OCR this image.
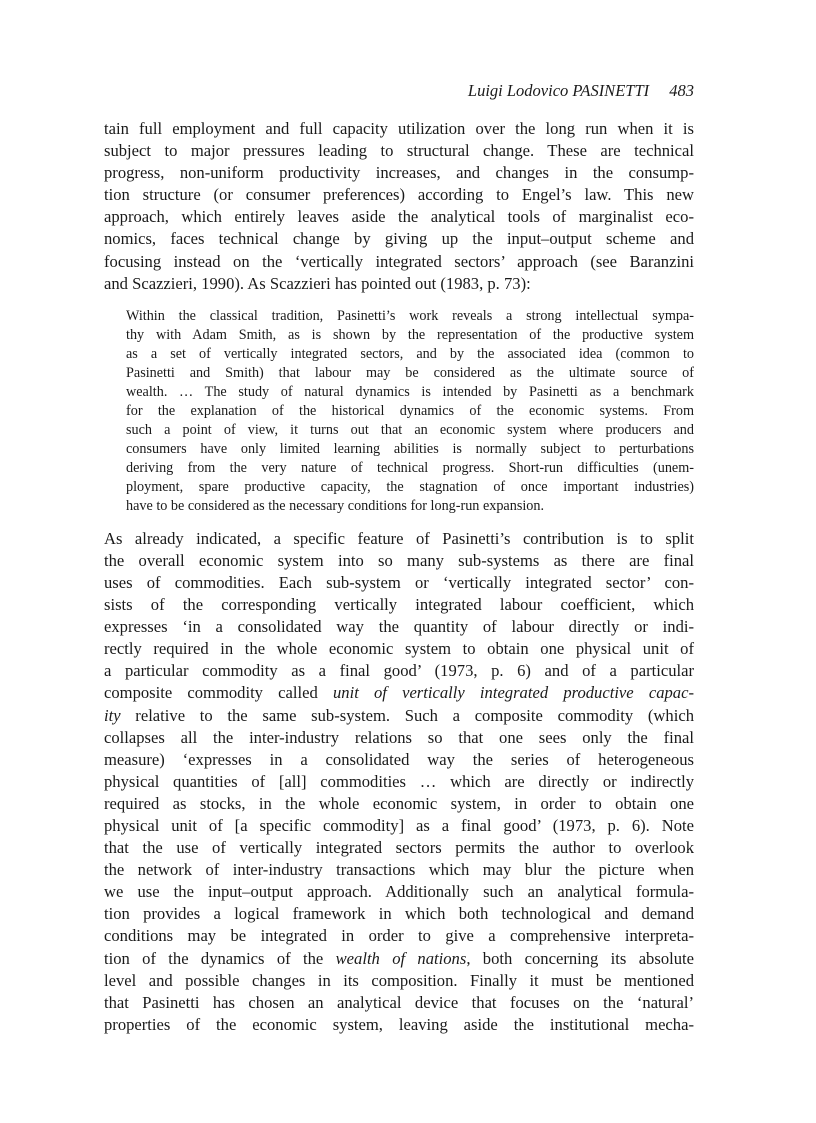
Luigi Lodovico PASINETTI 483

tain full employment and full capacity utilization over the long run when it is
subject to major pressures leading to structural change. These are technical
progress, non-uniform productivity increases, and changes in the consump-
tion structure (or consumer preferences) according to Engel’s law. This new
approach, which entirely leaves aside the analytical tools of marginalist eco-
nomics, faces technical change by giving up the input–output scheme and
focusing instead on the ‘vertically integrated sectors’ approach (see Baranzini
and Scazzieri, 1990). As Scazzieri has pointed out (1983, p. 73):

Within the classical tradition, Pasinetti’s work reveals a strong intellectual sympa-
thy with Adam Smith, as is shown by the representation of the productive system
as a set of vertically integrated sectors, and by the associated idea (common to
Pasinetti and Smith) that labour may be considered as the ultimate source of
wealth. … The study of natural dynamics is intended by Pasinetti as a benchmark
for the explanation of the historical dynamics of the economic systems. From
such a point of view, it turns out that an economic system where producers and
consumers have only limited learning abilities is normally subject to perturbations
deriving from the very nature of technical progress. Short-run difficulties (unem-
ployment, spare productive capacity, the stagnation of once important industries)
have to be considered as the necessary conditions for long-run expansion.

As already indicated, a specific feature of Pasinetti’s contribution is to split
the overall economic system into so many sub-systems as there are final
uses of commodities. Each sub-system or ‘vertically integrated sector’ con-
sists of the corresponding vertically integrated labour coefficient, which
expresses ‘in a consolidated way the quantity of labour directly or indi-
rectly required in the whole economic system to obtain one physical unit of
a particular commodity as a final good’ (1973, p. 6) and of a particular
composite commodity called unit of vertically integrated productive capac-
ity relative to the same sub-system. Such a composite commodity (which
collapses all the inter-industry relations so that one sees only the final
measure) ‘expresses in a consolidated way the series of heterogeneous
physical quantities of [all] commodities … which are directly or indirectly
required as stocks, in the whole economic system, in order to obtain one
physical unit of [a specific commodity] as a final good’ (1973, p. 6). Note
that the use of vertically integrated sectors permits the author to overlook
the network of inter-industry transactions which may blur the picture when
we use the input–output approach. Additionally such an analytical formula-
tion provides a logical framework in which both technological and demand
conditions may be integrated in order to give a comprehensive interpreta-
tion of the dynamics of the wealth of nations, both concerning its absolute
level and possible changes in its composition. Finally it must be mentioned
that Pasinetti has chosen an analytical device that focuses on the ‘natural’
properties of the economic system, leaving aside the institutional mecha-
